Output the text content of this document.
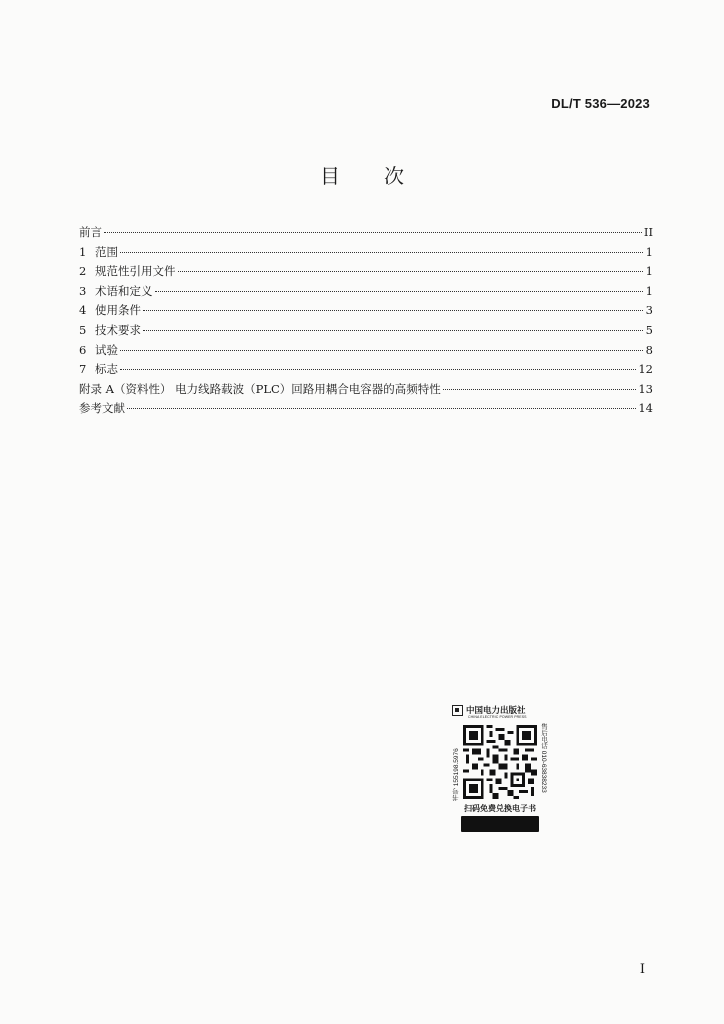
DL/T 536—2023
目 次
前言	II
1 范围	1
2 规范性引用文件	1
3 术语和定义	1
4 使用条件	3
5 技术要求	5
6 试验	8
7 标志	12
附录 A（资料性） 电力线路载波（PLC）回路用耦合电容器的高频特性	13
参考文献	14
中国电力出版社
CHINA ELECTRIC POWER PRESS
书号 155198.5976	售后电话 010-63838233
扫码免费兑换电子书
I
